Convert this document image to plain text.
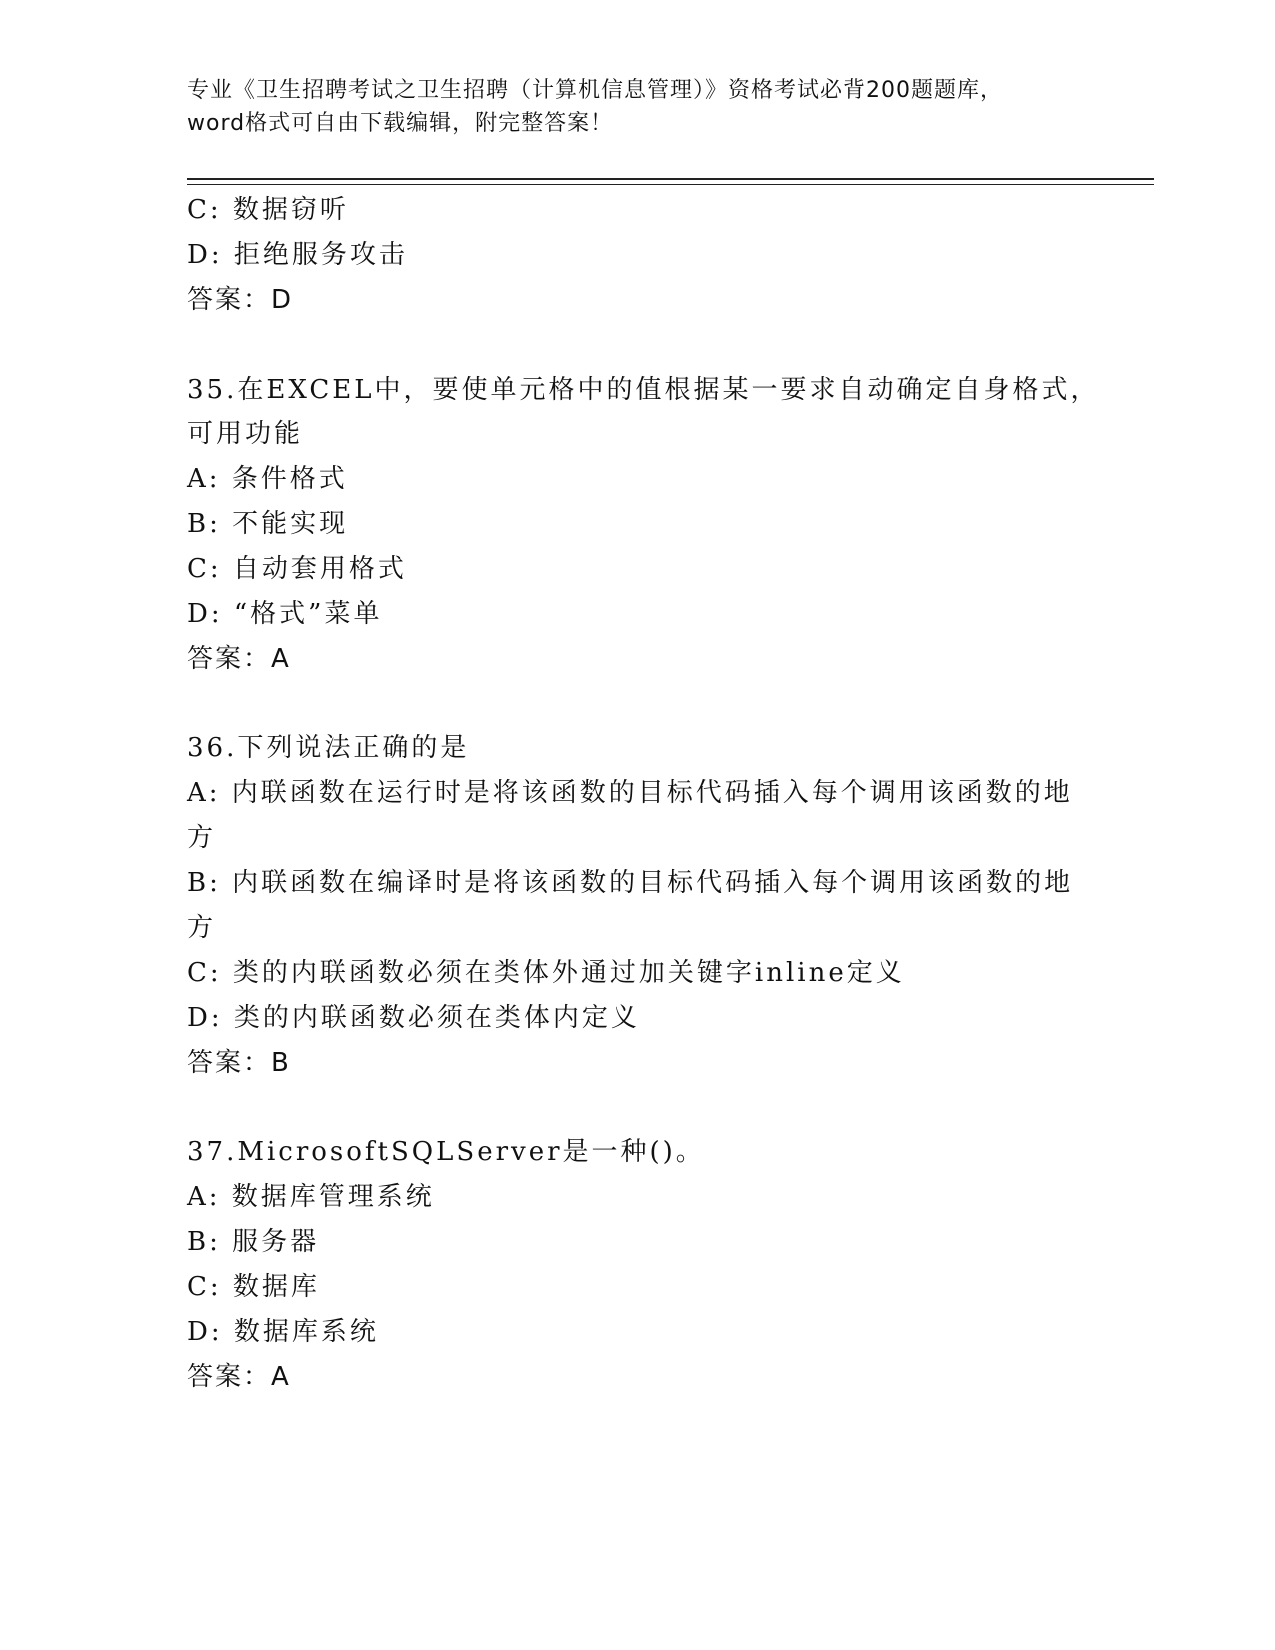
专业《卫生招聘考试之卫生招聘（计算机信息管理）》资格考试必背200题题库，
word格式可自由下载编辑，附完整答案！
C: 数据窃听
D: 拒绝服务攻击
答案：D
35.在EXCEL中，要使单元格中的值根据某一要求自动确定自身格式，
可用功能
A: 条件格式
B: 不能实现
C: 自动套用格式
D: “格式”菜单
答案：A
36.下列说法正确的是
A: 内联函数在运行时是将该函数的目标代码插入每个调用该函数的地
方
B: 内联函数在编译时是将该函数的目标代码插入每个调用该函数的地
方
C: 类的内联函数必须在类体外通过加关键字inline定义
D: 类的内联函数必须在类体内定义
答案：B
37.MicrosoftSQLServer是一种()。
A: 数据库管理系统
B: 服务器
C: 数据库
D: 数据库系统
答案：A
